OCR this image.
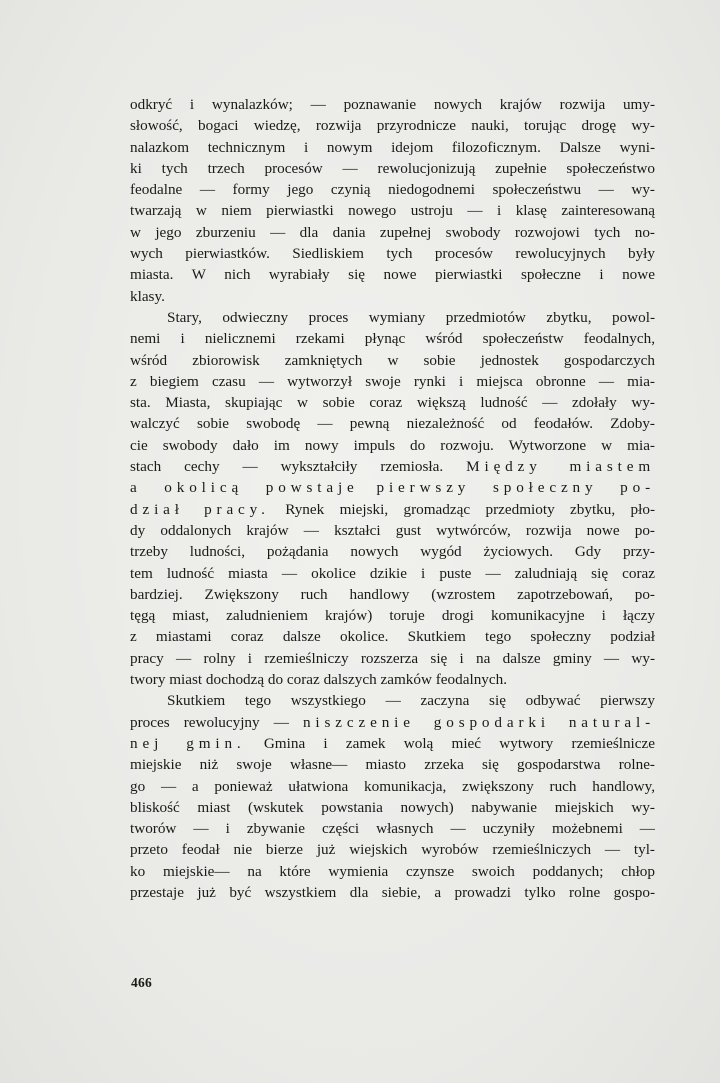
odkryć i wynalazków; — poznawanie nowych krajów rozwija umy-
słowość, bogaci wiedzę, rozwija przyrodnicze nauki, torując drogę wy-
nalazkom technicznym i nowym idejom filozoficznym. Dalsze wyni-
ki tych trzech procesów — rewolucjonizują zupełnie społeczeństwo
feodalne — formy jego czynią niedogodnemi społeczeństwu — wy-
twarzają w niem pierwiastki nowego ustroju — i klasę zainteresowaną
w jego zburzeniu — dla dania zupełnej swobody rozwojowi tych no-
wych pierwiastków. Siedliskiem tych procesów rewolucyjnych były
miasta. W nich wyrabiały się nowe pierwiastki społeczne i nowe
klasy.
Stary, odwieczny proces wymiany przedmiotów zbytku, powol-
nemi i nielicznemi rzekami płynąc wśród społeczeństw feodalnych,
wśród zbiorowisk zamkniętych w sobie jednostek gospodarczych
z biegiem czasu — wytworzył swoje rynki i miejsca obronne — mia-
sta. Miasta, skupiając w sobie coraz większą ludność — zdołały wy-
walczyć sobie swobodę — pewną niezależność od feodałów. Zdoby-
cie swobody dało im nowy impuls do rozwoju. Wytworzone w mia-
stach cechy — wykształciły rzemiosła. Między miastem
a okolicą powstaje pierwszy społeczny po-
dział pracy. Rynek miejski, gromadząc przedmioty zbytku, pło-
dy oddalonych krajów — kształci gust wytwórców, rozwija nowe po-
trzeby ludności, pożądania nowych wygód życiowych. Gdy przy-
tem ludność miasta — okolice dzikie i puste — zaludniają się coraz
bardziej. Zwiększony ruch handlowy (wzrostem zapotrzebowań, po-
tęgą miast, zaludnieniem krajów) toruje drogi komunikacyjne i łączy
z miastami coraz dalsze okolice. Skutkiem tego społeczny podział
pracy — rolny i rzemieślniczy rozszerza się i na dalsze gminy — wy-
twory miast dochodzą do coraz dalszych zamków feodalnych.
Skutkiem tego wszystkiego — zaczyna się odbywać pierwszy
proces rewolucyjny — niszczenie gospodarki natural-
nej gmin. Gmina i zamek wolą mieć wytwory rzemieślnicze
miejskie niż swoje własne— miasto zrzeka się gospodarstwa rolne-
go — a ponieważ ułatwiona komunikacja, zwiększony ruch handlowy,
bliskość miast (wskutek powstania nowych) nabywanie miejskich wy-
tworów — i zbywanie części własnych — uczyniły możebnemi —
przeto feodał nie bierze już wiejskich wyrobów rzemieślniczych — tyl-
ko miejskie— na które wymienia czynsze swoich poddanych; chłop
przestaje już być wszystkiem dla siebie, a prowadzi tylko rolne gospo-
466
